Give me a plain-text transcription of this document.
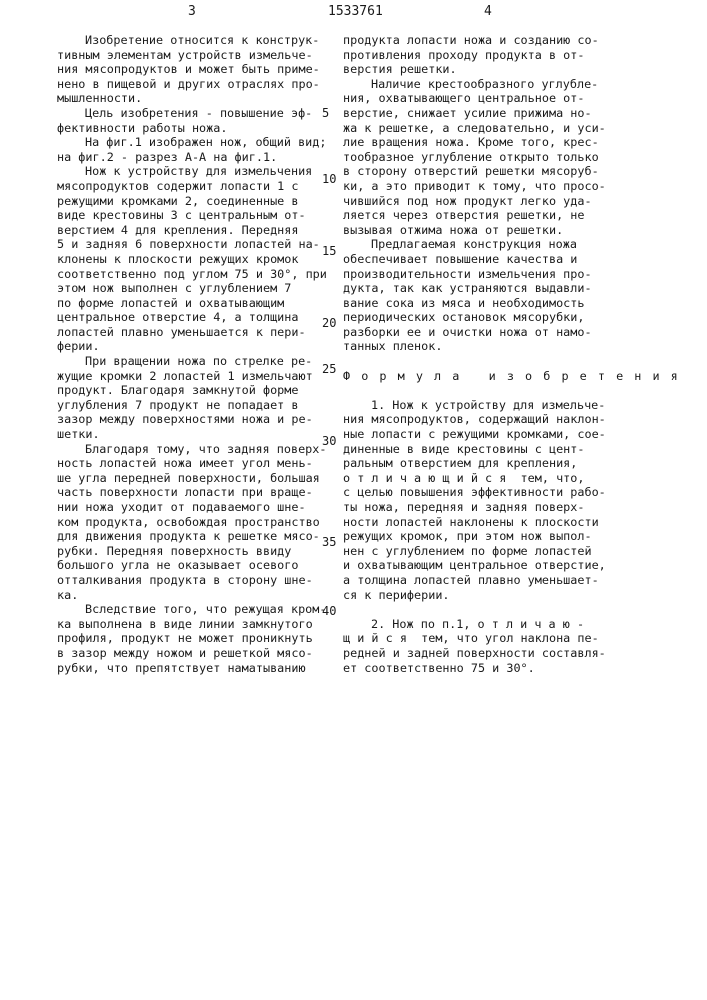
3	1533761	4
5
10
15
20
25
30
35
40
Изобретение относится к конструк-
тивным элементам устройств измельче-
ния мясопродуктов и может быть приме-
нено в пищевой и других отраслях про-
мышленности.
Цель изобретения - повышение эф-
фективности работы ножа.
На фиг.1 изображен нож, общий вид;
на фиг.2 - разрез А-А на фиг.1.
Нож к устройству для измельчения
мясопродуктов содержит лопасти 1 с
режущими кромками 2, соединенные в
виде крестовины 3 с центральным от-
верстием 4 для крепления. Передняя
5 и задняя 6 поверхности лопастей на-
клонены к плоскости режущих кромок
соответственно под углом 75 и 30°, при
этом нож выполнен с углублением 7
по форме лопастей и охватывающим
центральное отверстие 4, а толщина
лопастей плавно уменьшается к пери-
ферии.
При вращении ножа по стрелке ре-
жущие кромки 2 лопастей 1 измельчают
продукт. Благодаря замкнутой форме
углубления 7 продукт не попадает в
зазор между поверхностями ножа и ре-
шетки.
Благодаря тому, что задняя поверх-
ность лопастей ножа имеет угол мень-
ше угла передней поверхности, большая
часть поверхности лопасти при враще-
нии ножа уходит от подаваемого шне-
ком продукта, освобождая пространство
для движения продукта к решетке мясо-
рубки. Передняя поверхность ввиду
большого угла не оказывает осевого
отталкивания продукта в сторону шне-
ка.
Вследствие того, что режущая кром-
ка выполнена в виде линии замкнутого
профиля, продукт не может проникнуть
в зазор между ножом и решеткой мясо-
рубки, что препятствует наматыванию
продукта лопасти ножа и созданию со-
противления проходу продукта в от-
верстия решетки.
Наличие крестообразного углубле-
ния, охватывающего центральное от-
верстие, снижает усилие прижима но-
жа к решетке, а следовательно, и уси-
лие вращения ножа. Кроме того, крес-
тообразное углубление открыто только
в сторону отверстий решетки мясоруб-
ки, а это приводит к тому, что просо-
чившийся под нож продукт легко уда-
ляется через отверстия решетки, не
вызывая отжима ножа от решетки.
Предлагаемая конструкция ножа
обеспечивает повышение качества и
производительности измельчения про-
дукта, так как устраняются выдавли-
вание сока из мяса и необходимость
периодических остановок мясорубки,
разборки ее и очистки ножа от намо-
танных пленок.
Ф о р м у л а   и з о б р е т е н и я
1. Нож к устройству для измельче-
ния мясопродуктов, содержащий наклон-
ные лопасти с режущими кромками, сое-
диненные в виде крестовины с цент-
ральным отверстием для крепления,
о т л и ч а ю щ и й с я  тем, что,
с целью повышения эффективности рабо-
ты ножа, передняя и задняя поверх-
ности лопастей наклонены к плоскости
режущих кромок, при этом нож выпол-
нен с углублением по форме лопастей
и охватывающим центральное отверстие,
а толщина лопастей плавно уменьшает-
ся к периферии.
2. Нож по п.1, о т л и ч а ю -
щ и й с я  тем, что угол наклона пе-
редней и задней поверхности составля-
ет соответственно 75 и 30°.
